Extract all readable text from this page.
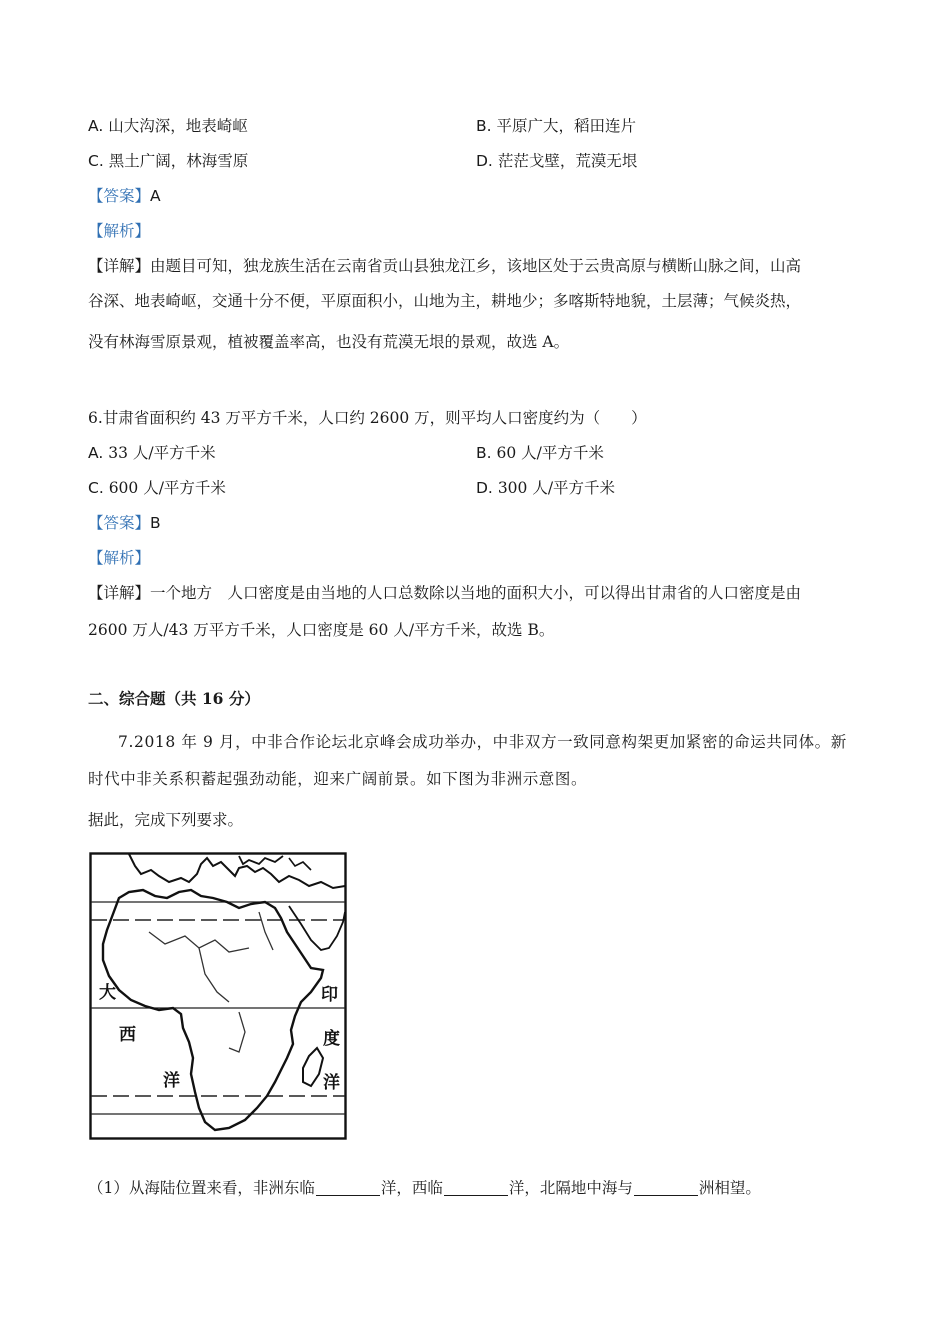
A. 山大沟深，地表崎岖	B. 平原广大，稻田连片
C. 黑土广阔，林海雪原	D. 茫茫戈壁，荒漠无垠
【答案】A
【解析】
【详解】由题目可知，独龙族生活在云南省贡山县独龙江乡，该地区处于云贵高原与横断山脉之间，山高
谷深、地表崎岖，交通十分不便，平原面积小，山地为主，耕地少；多喀斯特地貌，土层薄；气候炎热，
没有林海雪原景观，植被覆盖率高，也没有荒漠无垠的景观，故选 A。
6.甘肃省面积约 43 万平方千米，人口约 2600 万，则平均人口密度约为（　　）
A. 33 人/平方千米	B. 60 人/平方千米
C. 600 人/平方千米	D. 300 人/平方千米
【答案】B
【解析】
【详解】一个地方　人口密度是由当地的人口总数除以当地的面积大小，可以得出甘肃省的人口密度是由
2600 万人/43 万平方千米，人口密度是 60 人/平方千米，故选 B。
二、综合题（共 16 分）
7.2018 年 9 月，中非合作论坛北京峰会成功举办，中非双方一致同意构架更加紧密的命运共同体。新
时代中非关系积蓄起强劲动能，迎来广阔前景。如下图为非洲示意图。
据此，完成下列要求。
大
西
洋
印
度
洋
（1）从海陆位置来看，非洲东临	洋，西临	洋，北隔地中海与	洲相望。
